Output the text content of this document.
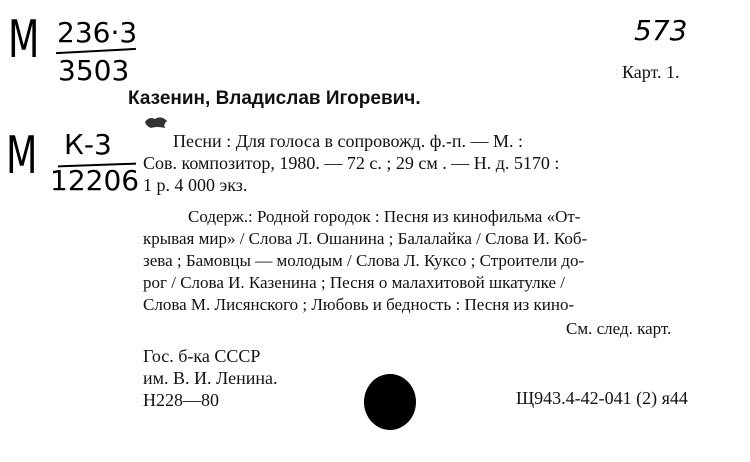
М 236·3
3503
М К-3
12206
573
Карт. 1.
Казенин, Владислав Игоревич.
Песни : Для голоса в сопровожд. ф.-п. — М. :
Сов. композитор, 1980. — 72 с. ; 29 см . — Н. д. 5170 :
1 р. 4 000 экз.
Содерж.: Родной городок : Песня из кинофильма «От-
крывая мир» / Слова Л. Ошанина ; Балалайка / Слова И. Коб-
зева ; Бамовцы — молодым / Слова Л. Куксо ; Строители до-
рог / Слова И. Казенина ; Песня о малахитовой шкатулке /
Слова М. Лисянского ; Любовь и бедность : Песня из кино-
См. след. карт.
Гос. б-ка СССР
им. В. И. Ленина.
Н228—80	Щ943.4-42-041 (2) я44
